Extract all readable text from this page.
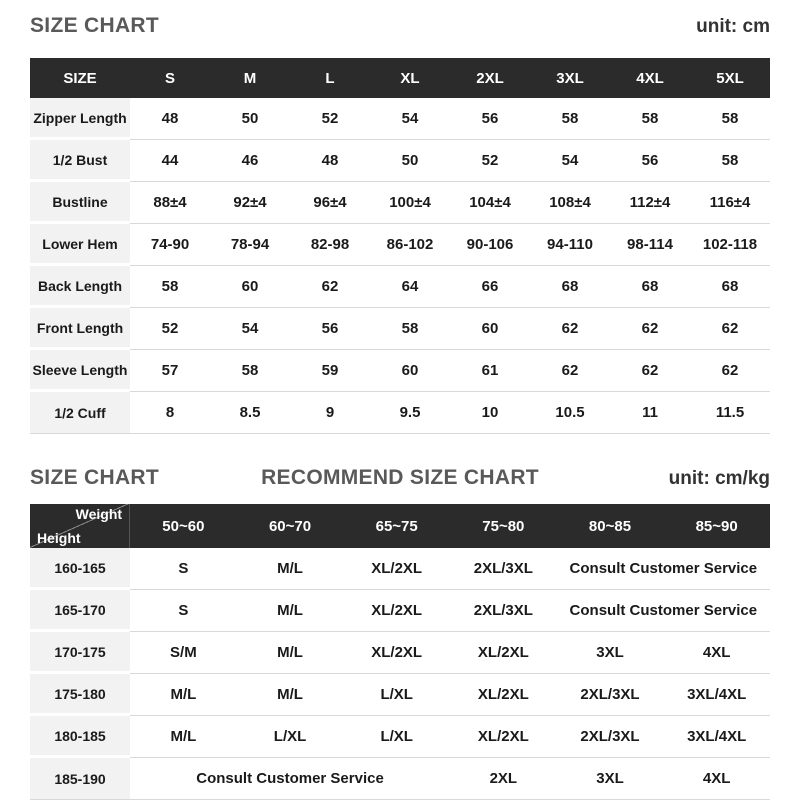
SIZE CHART	unit: cm
SIZE	S	M	L	XL	2XL	3XL	4XL	5XL
Zipper Length	48	50	52	54	56	58	58	58
1/2 Bust	44	46	48	50	52	54	56	58
Bustline	88±4	92±4	96±4	100±4	104±4	108±4	112±4	116±4
Lower Hem	74-90	78-94	82-98	86-102	90-106	94-110	98-114	102-118
Back Length	58	60	62	64	66	68	68	68
Front Length	52	54	56	58	60	62	62	62
Sleeve Length	57	58	59	60	61	62	62	62
1/2 Cuff	8	8.5	9	9.5	10	10.5	11	11.5
SIZE CHART	RECOMMEND SIZE CHART	unit: cm/kg
Weight
Height	50~60	60~70	65~75	75~80	80~85	85~90
160-165	S	M/L	XL/2XL	2XL/3XL	Consult Customer Service	
165-170	S	M/L	XL/2XL	2XL/3XL	Consult Customer Service	
170-175	S/M	M/L	XL/2XL	XL/2XL	3XL	4XL
175-180	M/L	M/L	L/XL	XL/2XL	2XL/3XL	3XL/4XL
180-185	M/L	L/XL	L/XL	XL/2XL	2XL/3XL	3XL/4XL
185-190	Consult Customer Service			2XL	3XL	4XL
